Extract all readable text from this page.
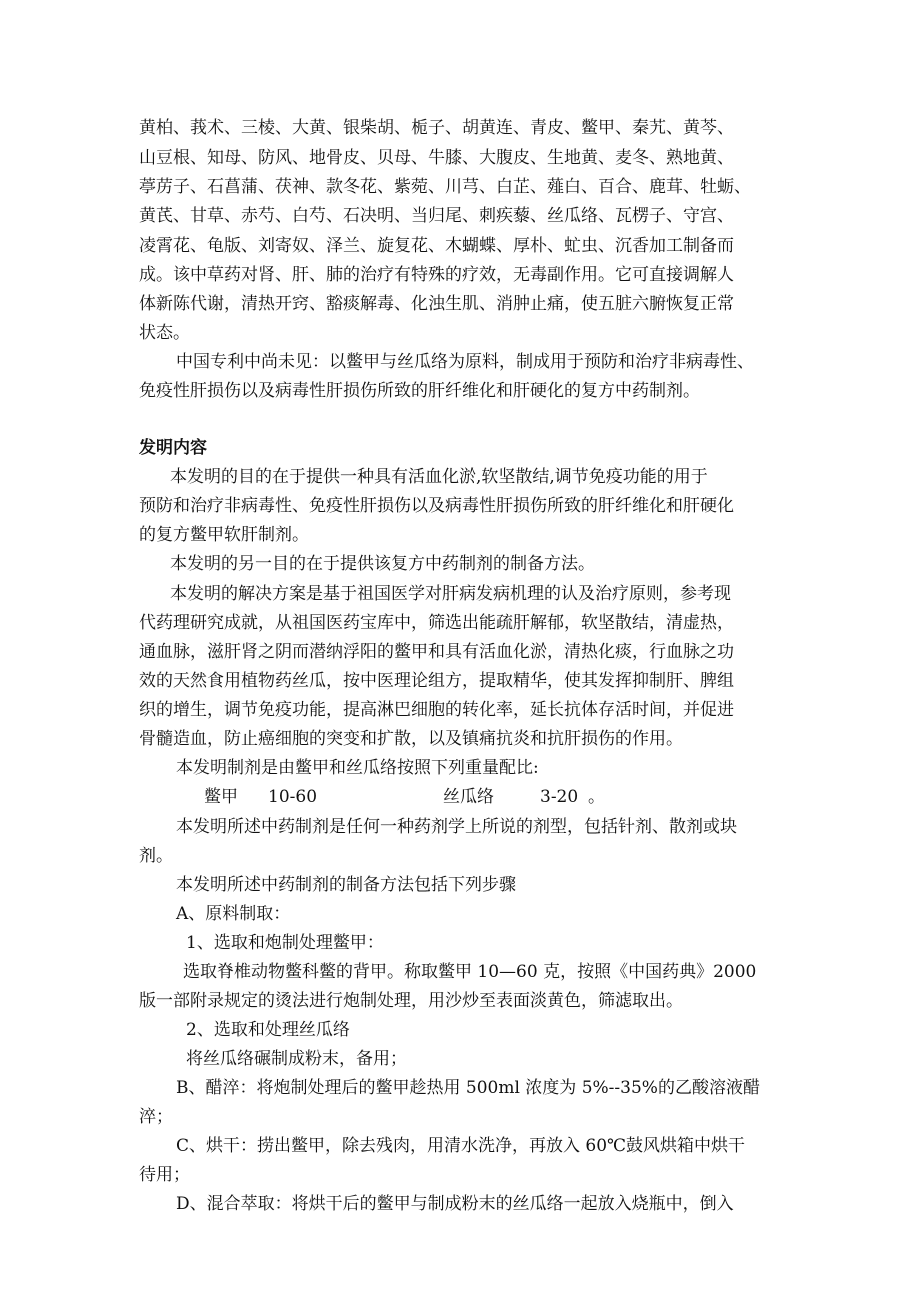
黄柏、莪术、三棱、大黄、银柴胡、栀子、胡黄连、青皮、鳖甲、秦艽、黄芩、
山豆根、知母、防风、地骨皮、贝母、牛膝、大腹皮、生地黄、麦冬、熟地黄、
葶苈子、石菖蒲、茯神、款冬花、紫菀、川芎、白芷、薤白、百合、鹿茸、牡蛎、
黄芪、甘草、赤芍、白芍、石决明、当归尾、刺疾藜、丝瓜络、瓦楞子、守宫、
凌霄花、龟版、刘寄奴、泽兰、旋复花、木蝴蝶、厚朴、虻虫、沉香加工制备而
成。该中草药对肾、肝、肺的治疗有特殊的疗效，无毒副作用。它可直接调解人
体新陈代谢，清热开窍、豁痰解毒、化浊生肌、消肿止痛，使五脏六腑恢复正常
状态。
中国专利中尚未见：以鳖甲与丝瓜络为原料，制成用于预防和治疗非病毒性、
免疫性肝损伤以及病毒性肝损伤所致的肝纤维化和肝硬化的复方中药制剂。
发明内容
本发明的目的在于提供一种具有活血化淤,软坚散结,调节免疫功能的用于
预防和治疗非病毒性、免疫性肝损伤以及病毒性肝损伤所致的肝纤维化和肝硬化
的复方鳖甲软肝制剂。
本发明的另一目的在于提供该复方中药制剂的制备方法。
本发明的解决方案是基于祖国医学对肝病发病机理的认及治疗原则，参考现
代药理研究成就，从祖国医药宝库中，筛选出能疏肝解郁，软坚散结，清虚热，
通血脉，滋肝肾之阴而潜纳浮阳的鳖甲和具有活血化淤，清热化痰，行血脉之功
效的天然食用植物药丝瓜，按中医理论组方，提取精华，使其发挥抑制肝、脾组
织的增生，调节免疫功能，提高淋巴细胞的转化率，延长抗体存活时间，并促进
骨髓造血，防止癌细胞的突变和扩散，以及镇痛抗炎和抗肝损伤的作用。
本发明制剂是由鳖甲和丝瓜络按照下列重量配比:
鳖甲 10-60	丝瓜络	3-20 。
本发明所述中药制剂是任何一种药剂学上所说的剂型，包括针剂、散剂或块
剂。
本发明所述中药制剂的制备方法包括下列步骤
A、原料制取：
1、选取和炮制处理鳖甲：
选取脊椎动物鳖科鳖的背甲。称取鳖甲 10—60 克，按照《中国药典》2000
版一部附录规定的烫法进行炮制处理，用沙炒至表面淡黄色，筛滤取出。
2、选取和处理丝瓜络
将丝瓜络碾制成粉末，备用；
B、醋淬：将炮制处理后的鳖甲趁热用 500ml 浓度为 5%--35%的乙酸溶液醋
淬；
C、烘干：捞出鳖甲，除去残肉，用清水洗净，再放入 60℃鼓风烘箱中烘干
待用；
D、混合萃取：将烘干后的鳖甲与制成粉末的丝瓜络一起放入烧瓶中，倒入
